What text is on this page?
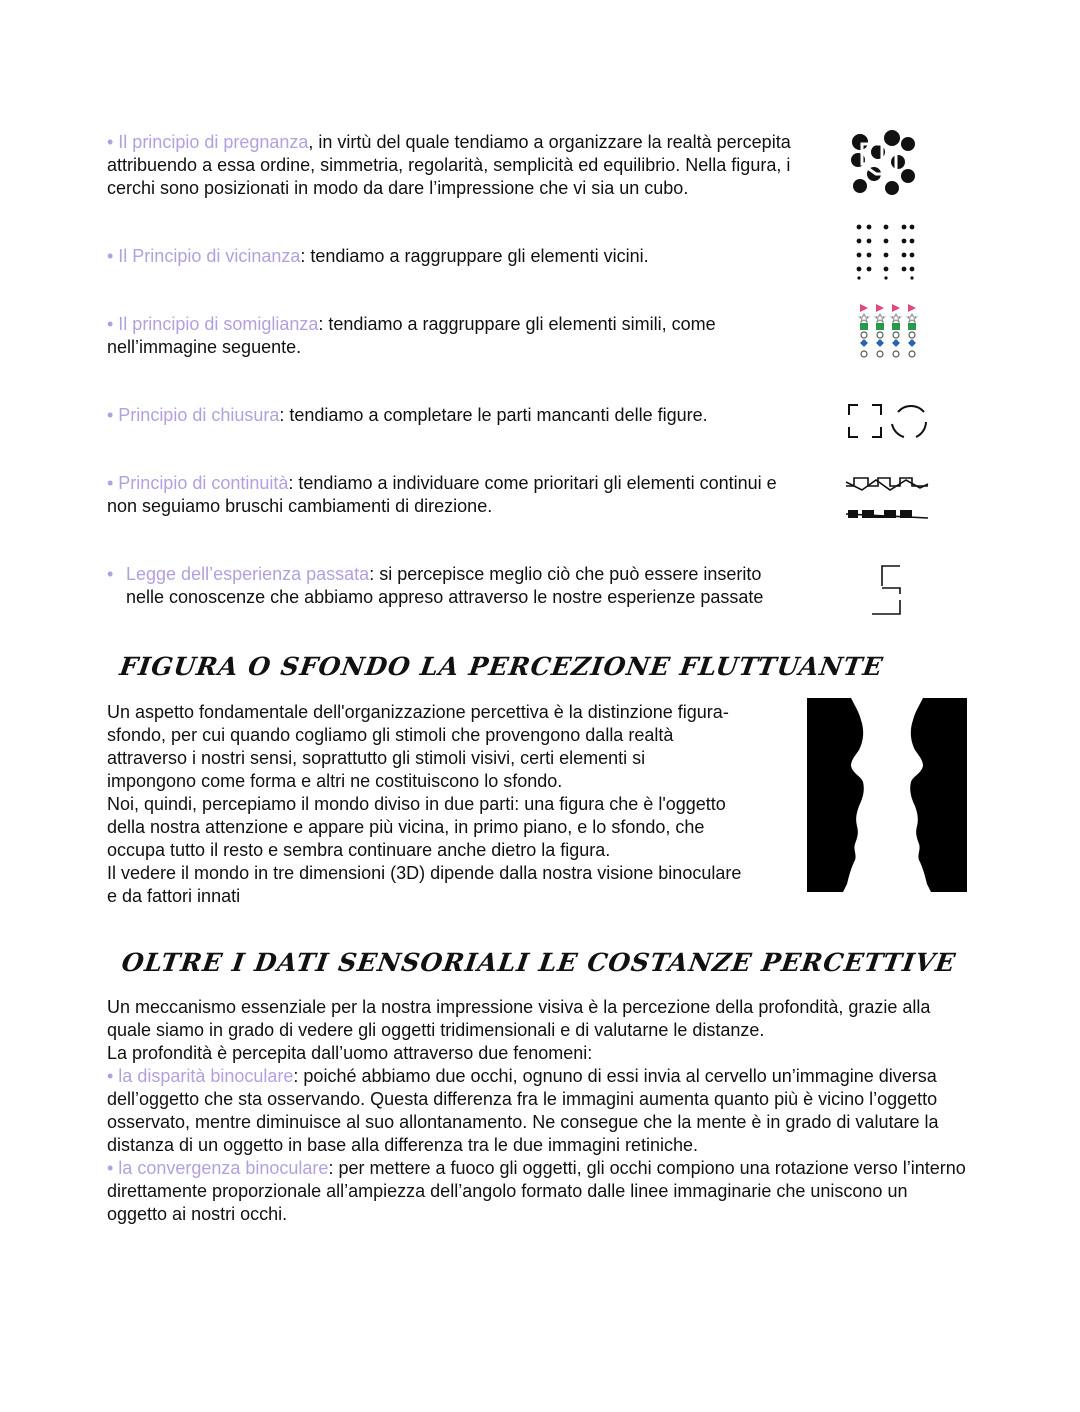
• Il principio di pregnanza, in virtù del quale tendiamo a organizzare la realtà percepita attribuendo a essa ordine, simmetria, regolarità, semplicità ed equilibrio. Nella figura, i cerchi sono posizionati in modo da dare l’impressione che vi sia un cubo.

• Il Principio di vicinanza: tendiamo a raggruppare gli elementi vicini.

• Il principio di somiglianza: tendiamo a raggruppare gli elementi simili, come nell’immagine seguente.

• Principio di chiusura: tendiamo a completare le parti mancanti delle figure.

• Principio di continuità: tendiamo a individuare come prioritari gli elementi continui e non seguiamo bruschi cambiamenti di direzione.

• Legge dell’esperienza passata: si percepisce meglio ciò che può essere inserito nelle conoscenze che abbiamo appreso attraverso le nostre esperienze passate

FIGURA O SFONDO LA PERCEZIONE FLUTTUANTE
Un aspetto fondamentale dell'organizzazione percettiva è la distinzione figura-
sfondo, per cui quando cogliamo gli stimoli che provengono dalla realtà
attraverso i nostri sensi, soprattutto gli stimoli visivi, certi elementi si
impongono come forma e altri ne costituiscono lo sfondo.
Noi, quindi, percepiamo il mondo diviso in due parti: una figura che è l'oggetto
della nostra attenzione e appare più vicina, in primo piano, e lo sfondo, che
occupa tutto il resto e sembra continuare anche dietro la figura.
Il vedere il mondo in tre dimensioni (3D) dipende dalla nostra visione binoculare
e da fattori innati
OLTRE I DATI SENSORIALI LE COSTANZE PERCETTIVE

Un meccanismo essenziale per la nostra impressione visiva è la percezione della profondità, grazie alla quale siamo in grado di vedere gli oggetti tridimensionali e di valutarne le distanze.

La profondità è percepita dall’uomo attraverso due fenomeni:

• la disparità binoculare: poiché abbiamo due occhi, ognuno di essi invia al cervello un’immagine diversa dell’oggetto che sta osservando. Questa differenza fra le immagini aumenta quanto più è vicino l’oggetto osservato, mentre diminuisce al suo allontanamento. Ne consegue che la mente è in grado di valutare la distanza di un oggetto in base alla differenza tra le due immagini retiniche.

• la convergenza binoculare: per mettere a fuoco gli oggetti, gli occhi compiono una rotazione verso l’interno direttamente proporzionale all’ampiezza dell’angolo formato dalle linee immaginarie che uniscono un oggetto ai nostri occhi.
